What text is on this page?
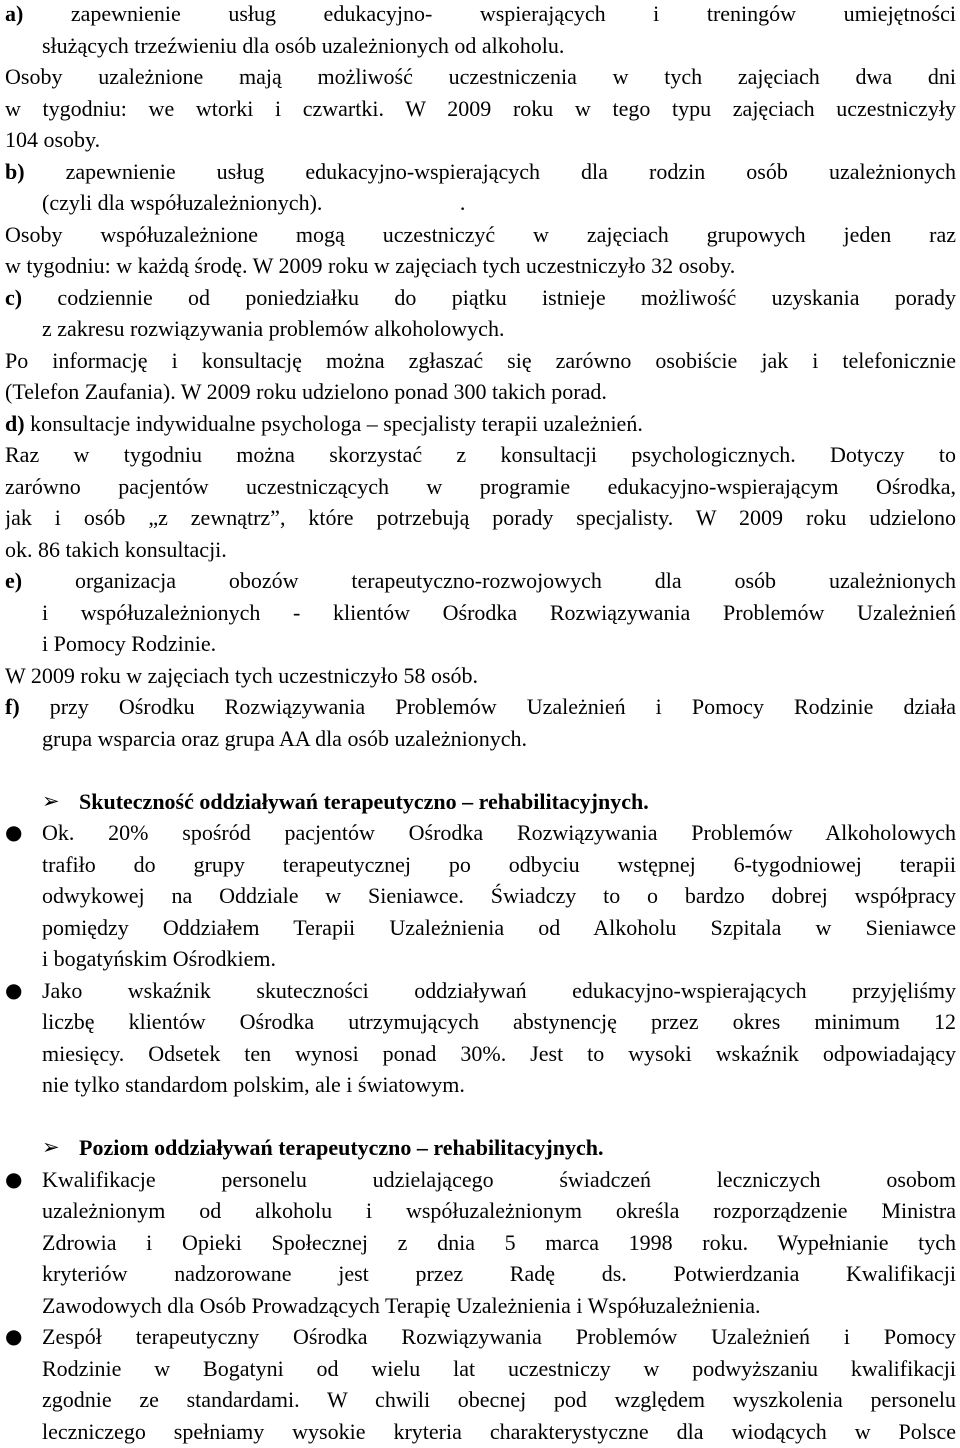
a) zapewnienie usług edukacyjno- wspierających i treningów umiejętności
służących trzeźwieniu dla osób uzależnionych od alkoholu.
Osoby uzależnione mają możliwość uczestniczenia w tych zajęciach dwa dni
w tygodniu: we wtorki i czwartki. W 2009 roku w tego typu zajęciach uczestniczyły
104 osoby.
b) zapewnienie usług edukacyjno-wspierających dla rodzin osób uzależnionych
(czyli dla współuzależnionych).                         .
Osoby współuzależnione mogą uczestniczyć w zajęciach grupowych jeden raz
w tygodniu: w każdą środę. W 2009 roku w zajęciach tych uczestniczyło 32 osoby.
c) codziennie od poniedziałku do piątku istnieje możliwość uzyskania porady
z zakresu rozwiązywania problemów alkoholowych.
Po informację i konsultację można zgłaszać się zarówno osobiście jak i telefonicznie
(Telefon Zaufania). W 2009 roku udzielono ponad 300 takich porad.
d) konsultacje indywidualne psychologa – specjalisty terapii uzależnień.
Raz w tygodniu można skorzystać z konsultacji psychologicznych. Dotyczy to
zarówno pacjentów uczestniczących w programie edukacyjno-wspierającym Ośrodka,
jak i osób „z zewnątrz”, które potrzebują porady specjalisty. W 2009 roku udzielono
ok. 86 takich konsultacji.
e) organizacja obozów terapeutyczno-rozwojowych dla osób uzależnionych
i współuzależnionych - klientów Ośrodka Rozwiązywania Problemów Uzależnień
i Pomocy Rodzinie.
W 2009 roku w zajęciach tych uczestniczyło 58 osób.
f) przy Ośrodku Rozwiązywania Problemów Uzależnień i Pomocy Rodzinie działa
grupa wsparcia oraz grupa AA dla osób uzależnionych.
➢ Skuteczność oddziaływań terapeutyczno – rehabilitacyjnych.
● Ok. 20% spośród pacjentów Ośrodka Rozwiązywania Problemów Alkoholowych
trafiło do grupy terapeutycznej po odbyciu wstępnej 6-tygodniowej terapii
odwykowej na Oddziale w Sieniawce. Świadczy to o bardzo dobrej współpracy
pomiędzy Oddziałem Terapii Uzależnienia od Alkoholu Szpitala w Sieniawce
i bogatyńskim Ośrodkiem.
● Jako wskaźnik skuteczności oddziaływań edukacyjno-wspierających przyjęliśmy
liczbę klientów Ośrodka utrzymujących abstynencję przez okres minimum 12
miesięcy. Odsetek ten wynosi ponad 30%. Jest to wysoki wskaźnik odpowiadający
nie tylko standardom polskim, ale i światowym.
➢ Poziom oddziaływań terapeutyczno – rehabilitacyjnych.
● Kwalifikacje personelu udzielającego świadczeń leczniczych osobom
uzależnionym od alkoholu i współuzależnionym określa rozporządzenie Ministra
Zdrowia i Opieki Społecznej z dnia 5 marca 1998 roku. Wypełnianie tych
kryteriów nadzorowane jest przez Radę ds. Potwierdzania Kwalifikacji
Zawodowych dla Osób Prowadzących Terapię Uzależnienia i Współuzależnienia.
● Zespół terapeutyczny Ośrodka Rozwiązywania Problemów Uzależnień i Pomocy
Rodzinie w Bogatyni od wielu lat uczestniczy w podwyższaniu kwalifikacji
zgodnie ze standardami. W chwili obecnej pod względem wyszkolenia personelu
leczniczego spełniamy wysokie kryteria charakterystyczne dla wiodących w Polsce
